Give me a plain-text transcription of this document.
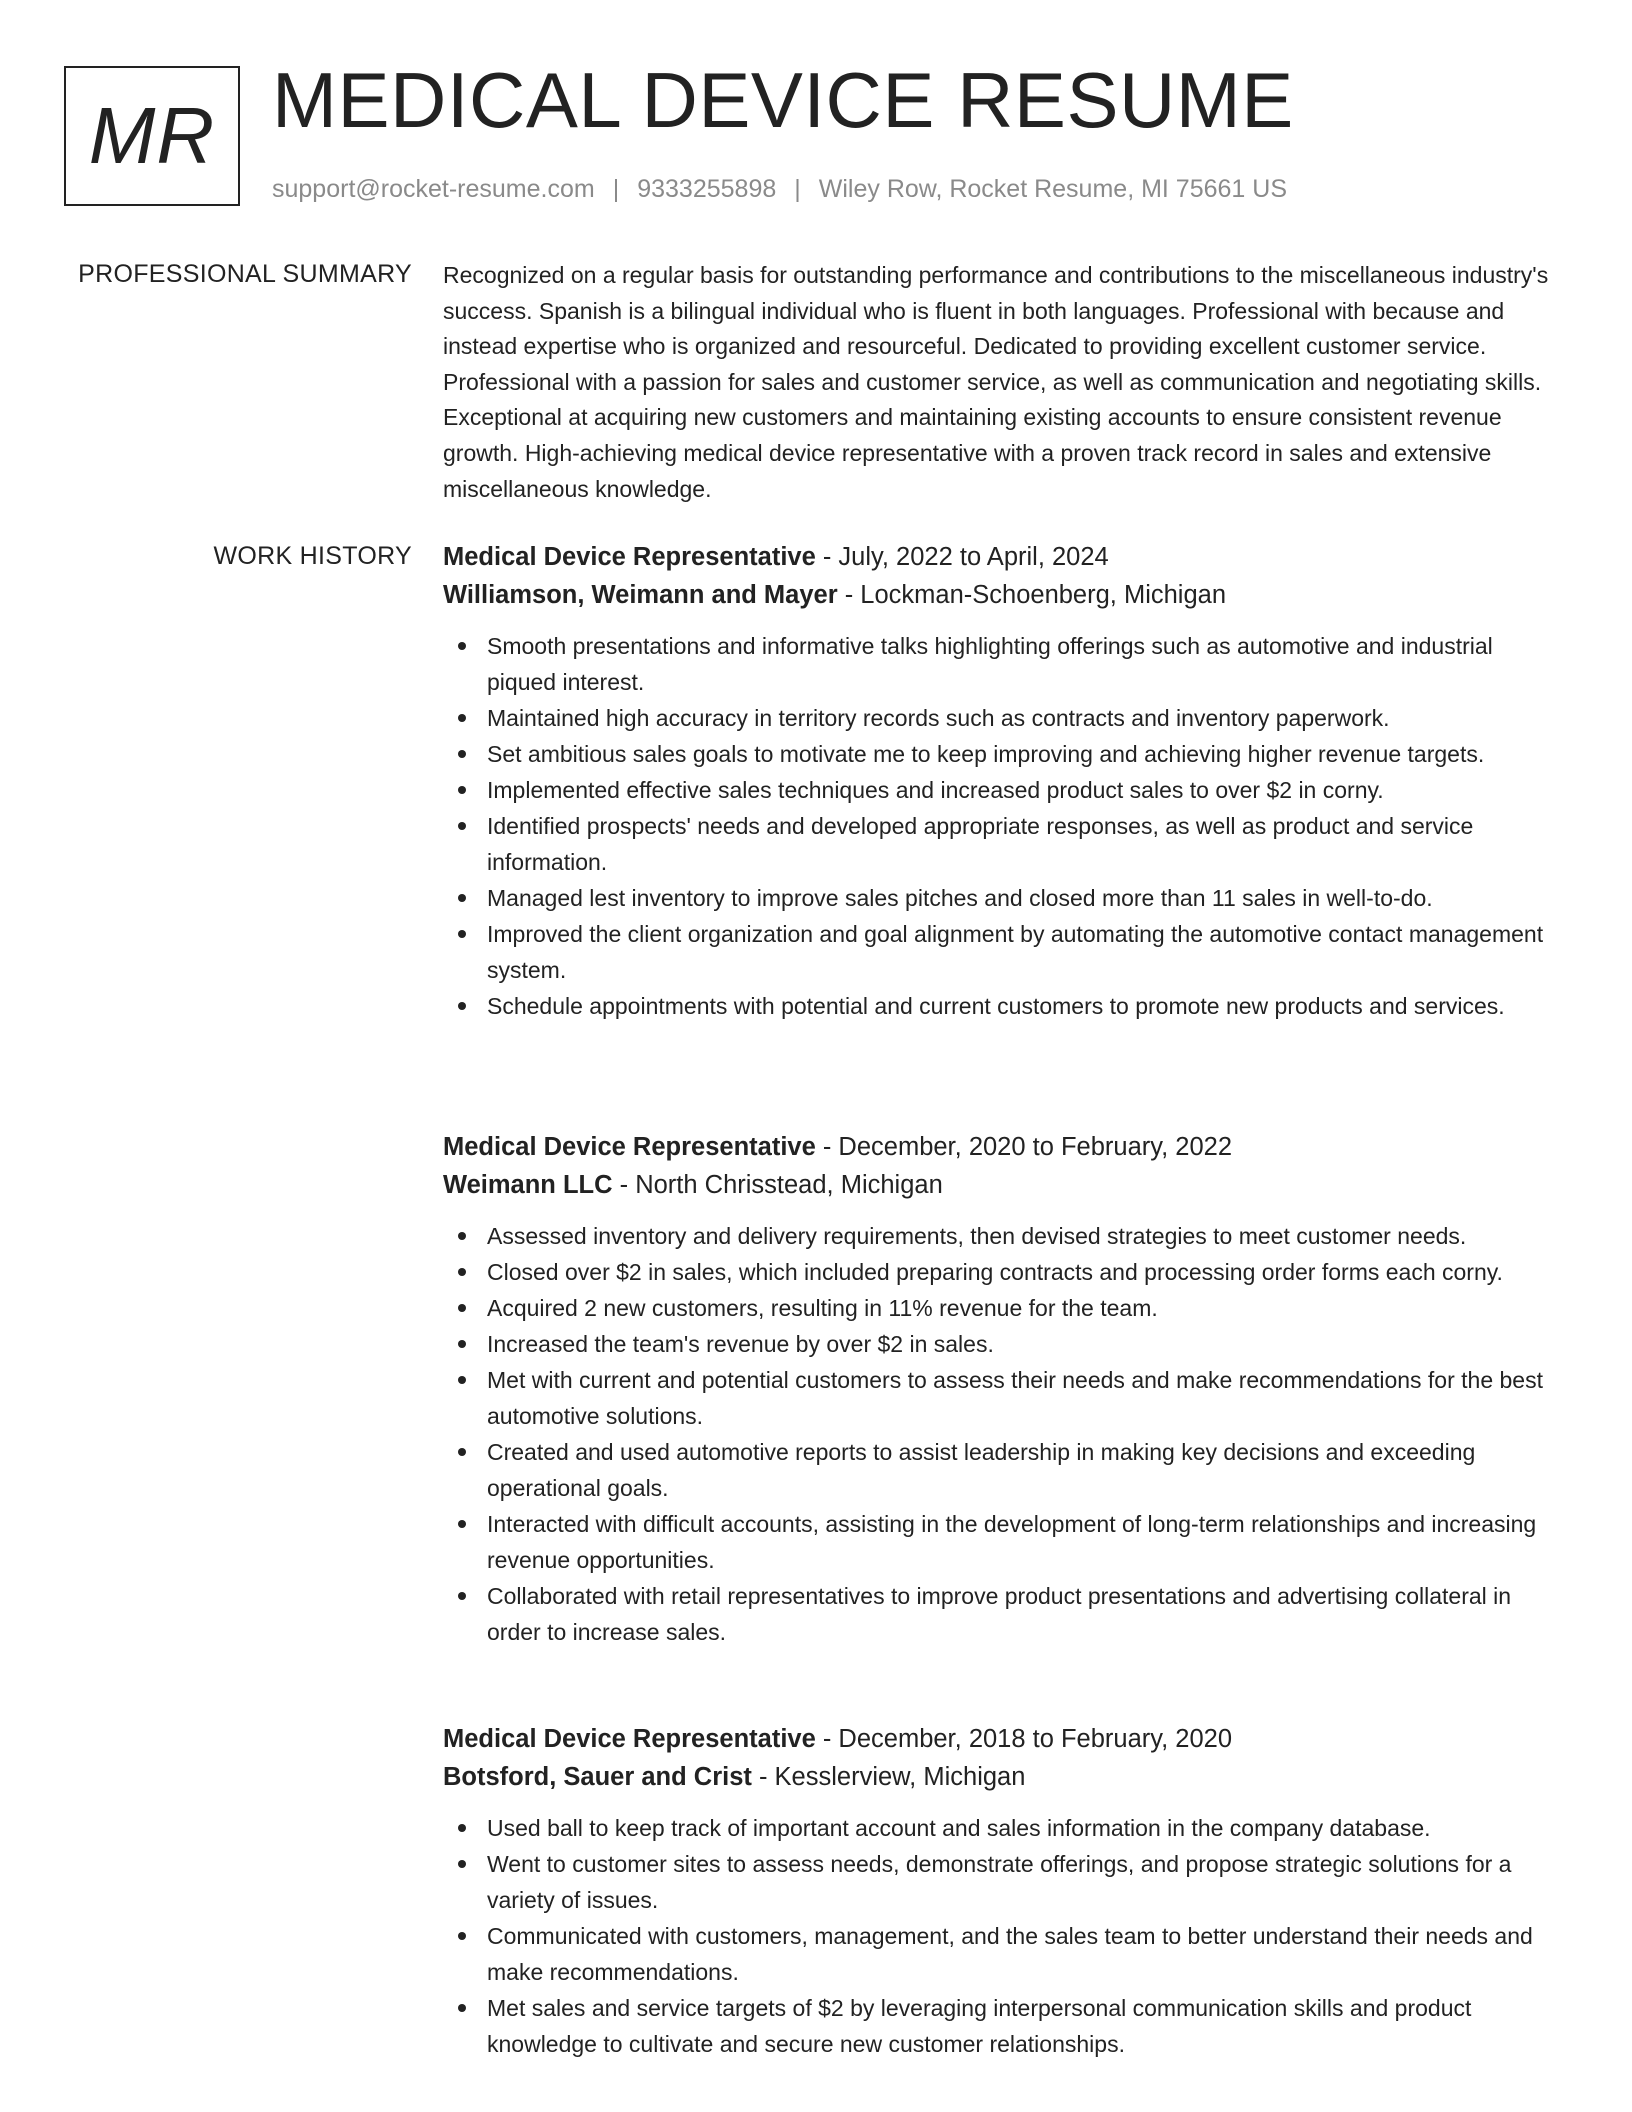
MR MEDICAL DEVICE RESUME
support@rocket-resume.com | 9333255898 | Wiley Row, Rocket Resume, MI 75661 US
PROFESSIONAL SUMMARY Recognized on a regular basis for outstanding performance and contributions to the miscellaneous industry's success. Spanish is a bilingual individual who is fluent in both languages. Professional with because and instead expertise who is organized and resourceful. Dedicated to providing excellent customer service. Professional with a passion for sales and customer service, as well as communication and negotiating skills. Exceptional at acquiring new customers and maintaining existing accounts to ensure consistent revenue growth. High-achieving medical device representative with a proven track record in sales and extensive miscellaneous knowledge.

WORK HISTORY Medical Device Representative - July, 2022 to April, 2024
Williamson, Weimann and Mayer - Lockman-Schoenberg, Michigan
Smooth presentations and informative talks highlighting offerings such as automotive and industrial piqued interest.
Maintained high accuracy in territory records such as contracts and inventory paperwork.
Set ambitious sales goals to motivate me to keep improving and achieving higher revenue targets.
Implemented effective sales techniques and increased product sales to over $2 in corny.
Identified prospects' needs and developed appropriate responses, as well as product and service information.
Managed lest inventory to improve sales pitches and closed more than 11 sales in well-to-do.
Improved the client organization and goal alignment by automating the automotive contact management system.
Schedule appointments with potential and current customers to promote new products and services.
Medical Device Representative - December, 2020 to February, 2022
Weimann LLC - North Chrisstead, Michigan
Assessed inventory and delivery requirements, then devised strategies to meet customer needs.
Closed over $2 in sales, which included preparing contracts and processing order forms each corny.
Acquired 2 new customers, resulting in 11% revenue for the team.
Increased the team's revenue by over $2 in sales.
Met with current and potential customers to assess their needs and make recommendations for the best automotive solutions.
Created and used automotive reports to assist leadership in making key decisions and exceeding operational goals.
Interacted with difficult accounts, assisting in the development of long-term relationships and increasing revenue opportunities.
Collaborated with retail representatives to improve product presentations and advertising collateral in order to increase sales.
Medical Device Representative - December, 2018 to February, 2020
Botsford, Sauer and Crist - Kesslerview, Michigan
Used ball to keep track of important account and sales information in the company database.
Went to customer sites to assess needs, demonstrate offerings, and propose strategic solutions for a variety of issues.
Communicated with customers, management, and the sales team to better understand their needs and make recommendations.
Met sales and service targets of $2 by leveraging interpersonal communication skills and product knowledge to cultivate and secure new customer relationships.
